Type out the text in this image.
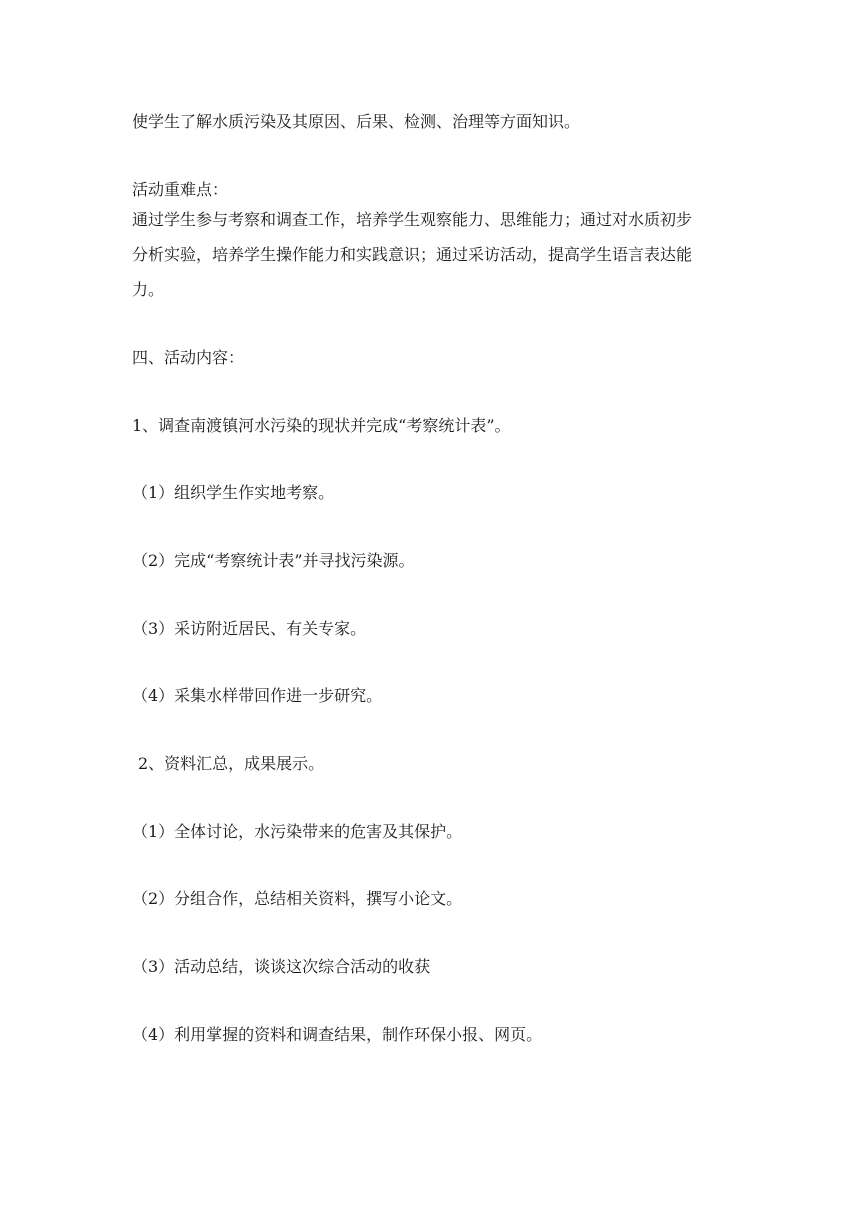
使学生了解水质污染及其原因、后果、检测、治理等方面知识。
活动重难点：
通过学生参与考察和调查工作，培养学生观察能力、思维能力；通过对水质初步
分析实验，培养学生操作能力和实践意识；通过采访活动，提高学生语言表达能
力。
四、活动内容：
1、调查南渡镇河水污染的现状并完成“考察统计表”。
（1）组织学生作实地考察。
（2）完成“考察统计表”并寻找污染源。
（3）采访附近居民、有关专家。
（4）采集水样带回作进一步研究。
2、资料汇总，成果展示。
（1）全体讨论，水污染带来的危害及其保护。
（2）分组合作，总结相关资料，撰写小论文。
（3）活动总结，谈谈这次综合活动的收获
（4）利用掌握的资料和调查结果，制作环保小报、网页。
